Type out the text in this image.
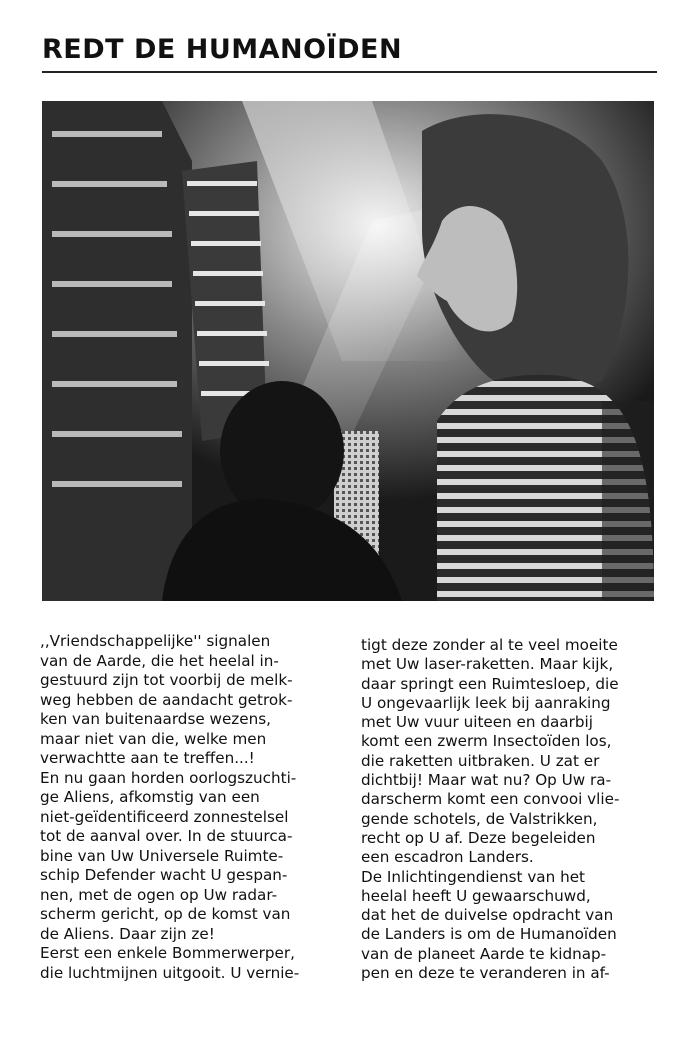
REDT DE HUMANOÏDEN
,,Vriendschappelijke'' signalen
van de Aarde, die het heelal in-
gestuurd zijn tot voorbij de melk-
weg hebben de aandacht getrok-
ken van buitenaardse wezens,
maar niet van die, welke men
verwachtte aan te treffen...!
En nu gaan horden oorlogszuchti-
ge Aliens, afkomstig van een
niet-geïdentificeerd zonnestelsel
tot de aanval over. In de stuurca-
bine van Uw Universele Ruimte-
schip Defender wacht U gespan-
nen, met de ogen op Uw radar-
scherm gericht, op de komst van
de Aliens. Daar zijn ze!
Eerst een enkele Bommerwerper,
die luchtmijnen uitgooit. U vernie-
tigt deze zonder al te veel moeite
met Uw laser-raketten. Maar kijk,
daar springt een Ruimtesloep, die
U ongevaarlijk leek bij aanraking
met Uw vuur uiteen en daarbij
komt een zwerm Insectoïden los,
die raketten uitbraken. U zat er
dichtbij! Maar wat nu? Op Uw ra-
darscherm komt een convooi vlie-
gende schotels, de Valstrikken,
recht op U af. Deze begeleiden
een escadron Landers.
De Inlichtingendienst van het
heelal heeft U gewaarschuwd,
dat het de duivelse opdracht van
de Landers is om de Humanoïden
van de planeet Aarde te kidnap-
pen en deze te veranderen in af-
